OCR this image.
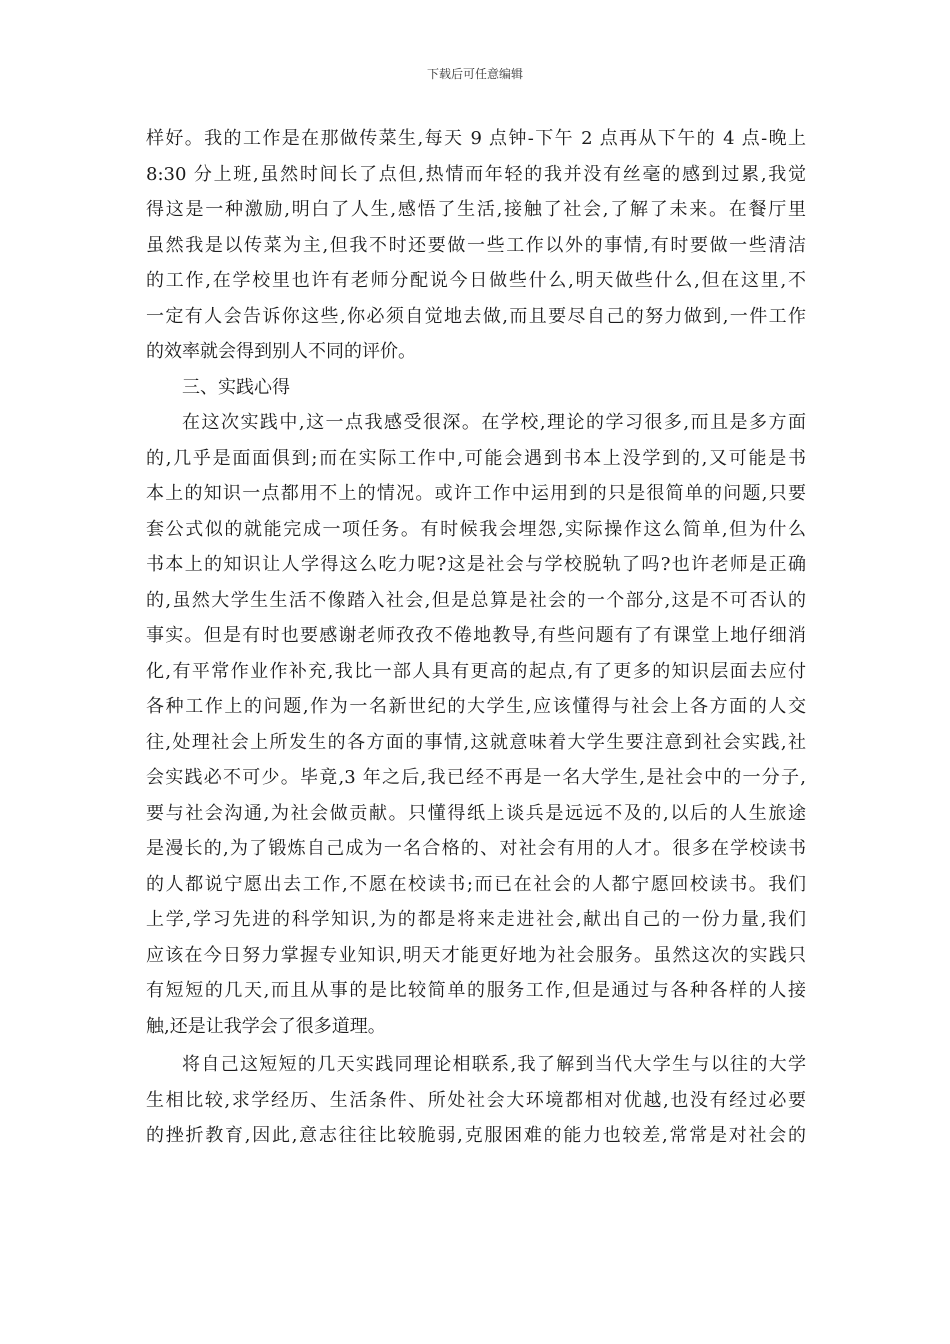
下载后可任意编辑
样好。我的工作是在那做传菜生,每天 9 点钟-下午 2 点再从下午的 4 点-晚上
8:30 分上班,虽然时间长了点但,热情而年轻的我并没有丝毫的感到过累,我觉
得这是一种激励,明白了人生,感悟了生活,接触了社会,了解了未来。在餐厅里
虽然我是以传菜为主,但我不时还要做一些工作以外的事情,有时要做一些清洁
的工作,在学校里也许有老师分配说今日做些什么,明天做些什么,但在这里,不
一定有人会告诉你这些,你必须自觉地去做,而且要尽自己的努力做到,一件工作
的效率就会得到别人不同的评价。
三、实践心得
在这次实践中,这一点我感受很深。在学校,理论的学习很多,而且是多方面
的,几乎是面面俱到;而在实际工作中,可能会遇到书本上没学到的,又可能是书
本上的知识一点都用不上的情况。或许工作中运用到的只是很简单的问题,只要
套公式似的就能完成一项任务。有时候我会埋怨,实际操作这么简单,但为什么
书本上的知识让人学得这么吃力呢?这是社会与学校脱轨了吗?也许老师是正确
的,虽然大学生生活不像踏入社会,但是总算是社会的一个部分,这是不可否认的
事实。但是有时也要感谢老师孜孜不倦地教导,有些问题有了有课堂上地仔细消
化,有平常作业作补充,我比一部人具有更高的起点,有了更多的知识层面去应付
各种工作上的问题,作为一名新世纪的大学生,应该懂得与社会上各方面的人交
往,处理社会上所发生的各方面的事情,这就意味着大学生要注意到社会实践,社
会实践必不可少。毕竟,3 年之后,我已经不再是一名大学生,是社会中的一分子,
要与社会沟通,为社会做贡献。只懂得纸上谈兵是远远不及的,以后的人生旅途
是漫长的,为了锻炼自己成为一名合格的、对社会有用的人才。很多在学校读书
的人都说宁愿出去工作,不愿在校读书;而已在社会的人都宁愿回校读书。我们
上学,学习先进的科学知识,为的都是将来走进社会,献出自己的一份力量,我们
应该在今日努力掌握专业知识,明天才能更好地为社会服务。虽然这次的实践只
有短短的几天,而且从事的是比较简单的服务工作,但是通过与各种各样的人接
触,还是让我学会了很多道理。
将自己这短短的几天实践同理论相联系,我了解到当代大学生与以往的大学
生相比较,求学经历、生活条件、所处社会大环境都相对优越,也没有经过必要
的挫折教育,因此,意志往往比较脆弱,克服困难的能力也较差,常常是对社会的
